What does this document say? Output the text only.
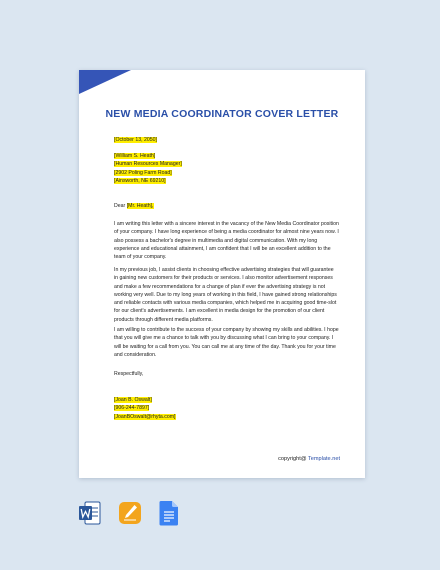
NEW MEDIA COORDINATOR COVER LETTER
[October 13, 2050]
[William S. Heath]
[Human Resources Manager]
[2902 Poling Farm Road]
[Ainsworth, NE 69210]
Dear [Mr. Heath],
I am writing this letter with a sincere interest in the vacancy of the New Media Coordinator position of your company. I have long experience of being a media coordinator for almost nine years now. I also possess a bachelor's degree in multimedia and digital communication. With my long experience and educational attainment, I am confident that I will be an excellent addition to the team of your company.
In my previous job, I assist clients in choosing effective advertising strategies that will guarantee in gaining new customers for their products or services. I also monitor advertisement responses and make a few recommendations for a change of plan if ever the advertising strategy is not working very well. Due to my long years of working in this field, I have gained strong relationships and reliable contacts with various media companies, which helped me in acquiring good time-slot for our client's advertisements. I am excellent in media design for the promotion of our client products through different media platforms.
I am willing to contribute to the success of your company by showing my skills and abilities. I hope that you will give me a chance to talk with you by discussing what I can bring to your company. I will be waiting for a call from you. You can call me at any time of the day. Thank you for your time and consideration.
Respectfully,
[Joan B. Oswalt]
[906-244-7897]
[JoanBOswalt@rhyta.com]
copyright@ Template.net
